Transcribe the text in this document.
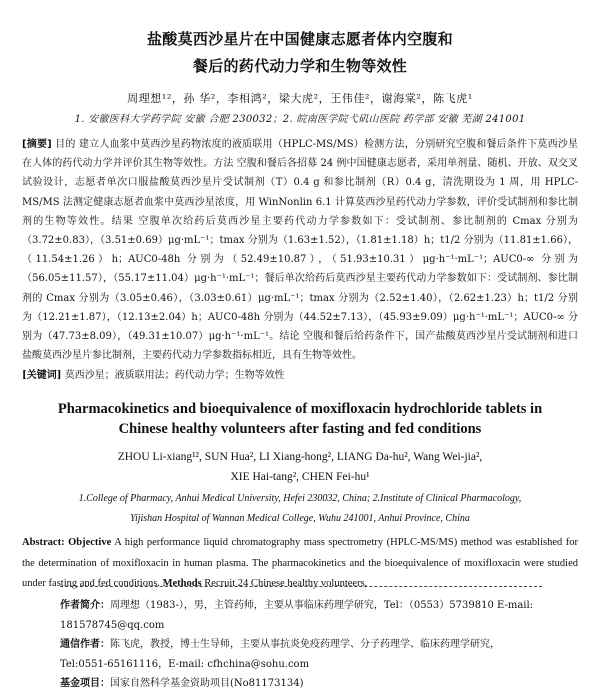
盐酸莫西沙星片在中国健康志愿者体内空腹和
餐后的药代动力学和生物等效性
周理想¹²，孙 华²，李相鸿²，梁大虎²，王伟佳²，谢海棠²，陈飞虎¹
1. 安徽医科大学药学院 安徽 合肥 230032；2. 皖南医学院弋矶山医院 药学部 安徽 芜湖 241001
[摘要] 目的 建立人血浆中莫西沙星药物浓度的液质联用（HPLC-MS/MS）检测方法，分别研究空腹和餐后条件下莫西沙星在人体的药代动力学并评价其生物等效性。方法 空腹和餐后各招募 24 例中国健康志愿者，采用单剂量、随机、开放、双交叉试验设计，志愿者单次口服盐酸莫西沙星片受试制剂（T）0.4 g 和参比制剂（R）0.4 g，清洗期设为 1 周，用 HPLC-MS/MS 法测定健康志愿者血浆中莫西沙星浓度，用 WinNonlin 6.1 计算莫西沙星药代动力学参数，评价受试制剂和参比制剂的生物等效性。结果 空腹单次给药后莫西沙星主要药代动力学参数如下：受试制剂、参比制剂的 Cmax 分别为（3.72±0.83），（3.51±0.69）μg·mL⁻¹；tmax 分别为（1.63±1.52），（1.81±1.18）h；t1/2 分别为（11.81±1.66），（11.54±1.26）h；AUC0-48h 分别为（52.49±10.87），（51.93±10.31）μg·h⁻¹·mL⁻¹；AUC0-∞ 分别为（56.05±11.57），（55.17±11.04）μg·h⁻¹·mL⁻¹；餐后单次给药后莫西沙星主要药代动力学参数如下：受试制剂、参比制剂的 Cmax 分别为（3.05±0.46），（3.03±0.61）μg·mL⁻¹；tmax 分别为（2.52±1.40），（2.62±1.23）h；t1/2 分别为（12.21±1.87），（12.13±2.04）h；AUC0-48h 分别为（44.52±7.13），（45.93±9.09）μg·h⁻¹·mL⁻¹；AUC0-∞ 分别为（47.73±8.09），（49.31±10.07）μg·h⁻¹·mL⁻¹。结论 空腹和餐后给药条件下，国产盐酸莫西沙星片受试制剂和进口盐酸莫西沙星片参比制剂，主要药代动力学参数指标相近，具有生物等效性。
[关键词] 莫西沙星；液质联用法；药代动力学；生物等效性
Pharmacokinetics and bioequivalence of moxifloxacin hydrochloride tablets in
Chinese healthy volunteers after fasting and fed conditions
ZHOU Li-xiang¹², SUN Hua², LI Xiang-hong², LIANG Da-hu², Wang Wei-jia²,
XIE Hai-tang², CHEN Fei-hu¹
1.College of Pharmacy, Anhui Medical University, Hefei 230032, China; 2.Institute of Clinical Pharmacology,
Yijishan Hospital of Wannan Medical College, Wuhu 241001, Anhui Province, China
Abstract: Objective A high performance liquid chromatography mass spectrometry (HPLC-MS/MS) method was established for the determination of moxifloxacin in human plasma. The pharmacokinetics and the bioequivalence of moxifloxacin were studied under fasting and fed conditions. Methods Recruit 24 Chinese healthy volunteers,
作者简介：周理想（1983-），男，主管药师，主要从事临床药理学研究，Tel：（0553）5739810 E-mail:
181578745@qq.com
通信作者：陈飞虎，教授，博士生导师，主要从事抗炎免疫药理学、分子药理学、临床药理学研究，
Tel:0551-65161116，E-mail: cfhchina@sohu.com
基金项目：国家自然科学基金资助项目(No81173134)
